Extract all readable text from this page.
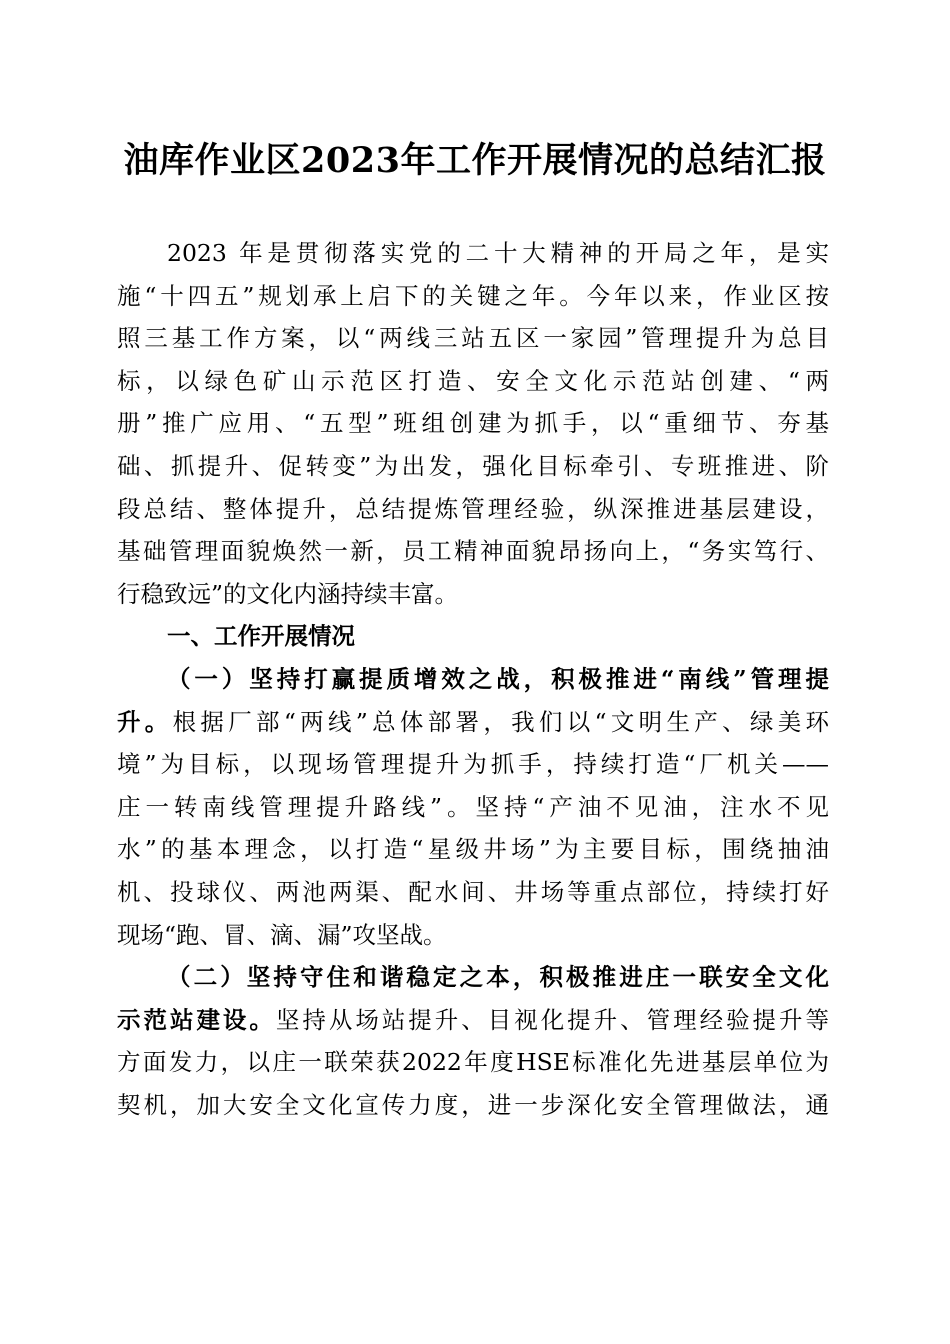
油库作业区2023年工作开展情况的总结汇报
2023 年是贯彻落实党的二十大精神的开局之年，是实
施“十四五”规划承上启下的关键之年。今年以来，作业区按
照三基工作方案，以“两线三站五区一家园”管理提升为总目
标，以绿色矿山示范区打造、安全文化示范站创建、“两
册”推广应用、“五型”班组创建为抓手，以“重细节、夯基
础、抓提升、促转变”为出发，强化目标牵引、专班推进、阶
段总结、整体提升，总结提炼管理经验，纵深推进基层建设，
基础管理面貌焕然一新，员工精神面貌昂扬向上，“务实笃行、
行稳致远”的文化内涵持续丰富。
一、工作开展情况
（一）坚持打赢提质增效之战，积极推进“南线”管理提
升。根据厂部“两线”总体部署，我们以“文明生产、绿美环
境”为目标，以现场管理提升为抓手，持续打造“厂机关——
庄一转南线管理提升路线”。坚持“产油不见油，注水不见
水”的基本理念，以打造“星级井场”为主要目标，围绕抽油
机、投球仪、两池两渠、配水间、井场等重点部位，持续打好
现场“跑、冒、滴、漏”攻坚战。
（二）坚持守住和谐稳定之本，积极推进庄一联安全文化
示范站建设。坚持从场站提升、目视化提升、管理经验提升等
方面发力，以庄一联荣获2022年度HSE标准化先进基层单位为
契机，加大安全文化宣传力度，进一步深化安全管理做法，通
